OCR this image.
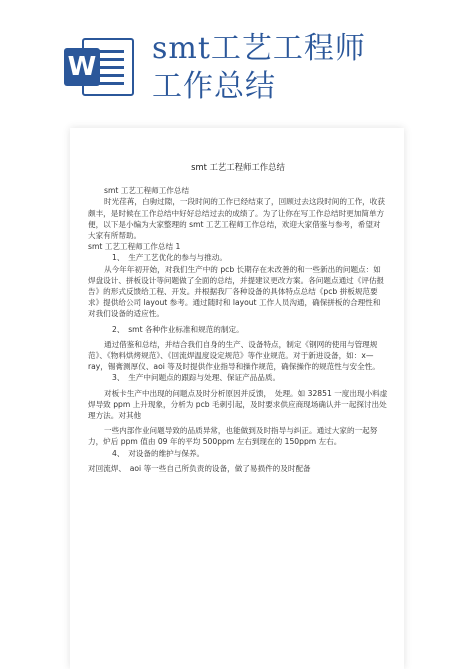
W
smt工艺工程师
工作总结
smt 工艺工程师工作总结

smt 工艺工程师工作总结

时光荏苒，白驹过隙，一段时间的工作已经结束了，回顾过去这段时间的工作，收获颇丰，是时候在工作总结中好好总结过去的成绩了。为了让你在写工作总结时更加简单方便，以下是小编为大家整理的 smt 工艺工程师工作总结，欢迎大家借鉴与参考，希望对大家有所帮助。

smt 工艺工程师工作总结 1

1、　生产工艺优化的参与与推动。

从今年年初开始，对我们生产中的 pcb 长期存在未改善的和一些新出的问题点：如焊盘设计、拼板设计等问题做了全面的总结，并提建议更改方案。各问题点通过《评估报告》的形式反馈给工程、开发。并根据我厂各种设备的具体特点总结《pcb 拼板规范要求》提供给公司 layout 参考。通过随时和 layout 工作人员沟通，确保拼板的合理性和对我们设备的适应性。

2、　smt 各种作业标准和规范的制定。

通过借鉴和总结，并结合我们自身的生产、设备特点，制定《钢网的使用与管理规范》、《物料烘烤规范》、《回流焊温度设定规范》等作业规范。对于新进设备，如：x—ray，锡膏测厚仪、aoi 等及时提供作业指导和操作规范，确保操作的规范性与安全性。

3、　生产中问题点的跟踪与处理、保证产品品质。

对板卡生产中出现的问题点及时分析原因并反馈，　处理。如 32851 一度出现小料虚焊导致 ppm 上升现象，分析为 pcb 毛刺引起，及时要求供应商现场确认并一起探讨出处理方法。对其他

一些内部作业问题导致的品质异常，也能做到及时指导与纠正。通过大家的一起努力，炉后 ppm 值由 09 年的平均 500ppm 左右到现在的 150ppm 左右。

4、　对设备的维护与保养。

对回流焊、　aoi 等一些自己所负责的设备，做了易损件的及时配备
